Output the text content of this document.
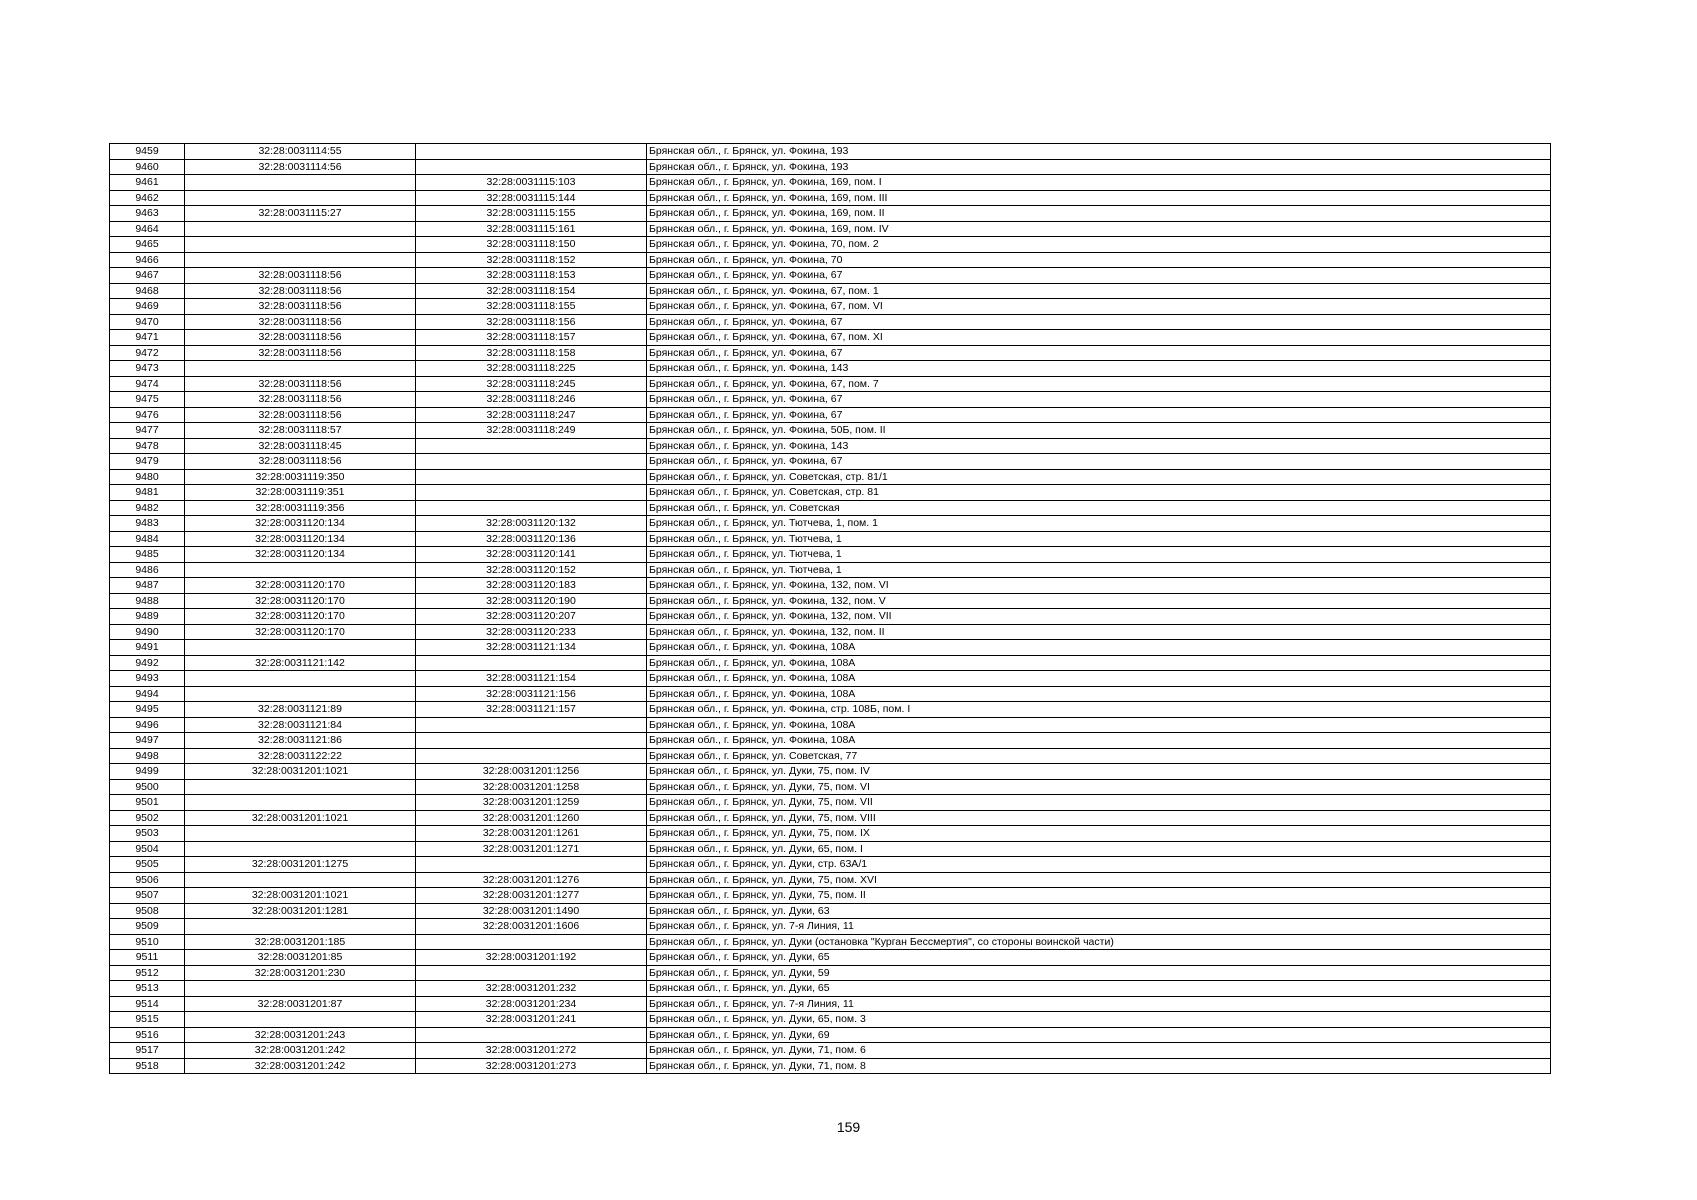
9459	32:28:0031114:55		Брянская обл., г. Брянск, ул. Фокина, 193
9460	32:28:0031114:56		Брянская обл., г. Брянск, ул. Фокина, 193
9461		32:28:0031115:103	Брянская обл., г. Брянск, ул. Фокина, 169, пом. I
9462		32:28:0031115:144	Брянская обл., г. Брянск, ул. Фокина, 169, пом. III
9463	32:28:0031115:27	32:28:0031115:155	Брянская обл., г. Брянск, ул. Фокина, 169, пом. II
9464		32:28:0031115:161	Брянская обл., г. Брянск, ул. Фокина, 169, пом. IV
9465		32:28:0031118:150	Брянская обл., г. Брянск, ул. Фокина, 70, пом. 2
9466		32:28:0031118:152	Брянская обл., г. Брянск, ул. Фокина, 70
9467	32:28:0031118:56	32:28:0031118:153	Брянская обл., г. Брянск, ул. Фокина, 67
9468	32:28:0031118:56	32:28:0031118:154	Брянская обл., г. Брянск, ул. Фокина, 67, пом. 1
9469	32:28:0031118:56	32:28:0031118:155	Брянская обл., г. Брянск, ул. Фокина, 67, пом. VI
9470	32:28:0031118:56	32:28:0031118:156	Брянская обл., г. Брянск, ул. Фокина, 67
9471	32:28:0031118:56	32:28:0031118:157	Брянская обл., г. Брянск, ул. Фокина, 67, пом. XI
9472	32:28:0031118:56	32:28:0031118:158	Брянская обл., г. Брянск, ул. Фокина, 67
9473		32:28:0031118:225	Брянская обл., г. Брянск, ул. Фокина, 143
9474	32:28:0031118:56	32:28:0031118:245	Брянская обл., г. Брянск, ул. Фокина, 67, пом. 7
9475	32:28:0031118:56	32:28:0031118:246	Брянская обл., г. Брянск, ул. Фокина, 67
9476	32:28:0031118:56	32:28:0031118:247	Брянская обл., г. Брянск, ул. Фокина, 67
9477	32:28:0031118:57	32:28:0031118:249	Брянская обл., г. Брянск, ул. Фокина, 50Б, пом. II
9478	32:28:0031118:45		Брянская обл., г. Брянск, ул. Фокина, 143
9479	32:28:0031118:56		Брянская обл., г. Брянск, ул. Фокина, 67
9480	32:28:0031119:350		Брянская обл., г. Брянск, ул. Советская, стр. 81/1
9481	32:28:0031119:351		Брянская обл., г. Брянск, ул. Советская, стр. 81
9482	32:28:0031119:356		Брянская обл., г. Брянск, ул. Советская
9483	32:28:0031120:134	32:28:0031120:132	Брянская обл., г. Брянск, ул. Тютчева, 1, пом. 1
9484	32:28:0031120:134	32:28:0031120:136	Брянская обл., г. Брянск, ул. Тютчева, 1
9485	32:28:0031120:134	32:28:0031120:141	Брянская обл., г. Брянск, ул. Тютчева, 1
9486		32:28:0031120:152	Брянская обл., г. Брянск, ул. Тютчева, 1
9487	32:28:0031120:170	32:28:0031120:183	Брянская обл., г. Брянск, ул. Фокина, 132, пом. VI
9488	32:28:0031120:170	32:28:0031120:190	Брянская обл., г. Брянск, ул. Фокина, 132, пом. V
9489	32:28:0031120:170	32:28:0031120:207	Брянская обл., г. Брянск, ул. Фокина, 132, пом. VII
9490	32:28:0031120:170	32:28:0031120:233	Брянская обл., г. Брянск, ул. Фокина, 132, пом. II
9491		32:28:0031121:134	Брянская обл., г. Брянск, ул. Фокина, 108А
9492	32:28:0031121:142		Брянская обл., г. Брянск, ул. Фокина, 108А
9493		32:28:0031121:154	Брянская обл., г. Брянск, ул. Фокина, 108А
9494		32:28:0031121:156	Брянская обл., г. Брянск, ул. Фокина, 108А
9495	32:28:0031121:89	32:28:0031121:157	Брянская обл., г. Брянск, ул. Фокина, стр. 108Б, пом. I
9496	32:28:0031121:84		Брянская обл., г. Брянск, ул. Фокина, 108А
9497	32:28:0031121:86		Брянская обл., г. Брянск, ул. Фокина, 108А
9498	32:28:0031122:22		Брянская обл., г. Брянск, ул. Советская, 77
9499	32:28:0031201:1021	32:28:0031201:1256	Брянская обл., г. Брянск, ул. Дуки, 75, пом. IV
9500		32:28:0031201:1258	Брянская обл., г. Брянск, ул. Дуки, 75, пом. VI
9501		32:28:0031201:1259	Брянская обл., г. Брянск, ул. Дуки, 75, пом. VII
9502	32:28:0031201:1021	32:28:0031201:1260	Брянская обл., г. Брянск, ул. Дуки, 75, пом. VIII
9503		32:28:0031201:1261	Брянская обл., г. Брянск, ул. Дуки, 75, пом. IX
9504		32:28:0031201:1271	Брянская обл., г. Брянск, ул. Дуки, 65, пом. I
9505	32:28:0031201:1275		Брянская обл., г. Брянск, ул. Дуки, стр. 63А/1
9506		32:28:0031201:1276	Брянская обл., г. Брянск, ул. Дуки, 75, пом. XVI
9507	32:28:0031201:1021	32:28:0031201:1277	Брянская обл., г. Брянск, ул. Дуки, 75, пом. II
9508	32:28:0031201:1281	32:28:0031201:1490	Брянская обл., г. Брянск, ул. Дуки, 63
9509		32:28:0031201:1606	Брянская обл., г. Брянск, ул. 7-я Линия, 11
9510	32:28:0031201:185		Брянская обл., г. Брянск, ул. Дуки (остановка "Курган Бессмертия", со стороны воинской части)
9511	32:28:0031201:85	32:28:0031201:192	Брянская обл., г. Брянск, ул. Дуки, 65
9512	32:28:0031201:230		Брянская обл., г. Брянск, ул. Дуки, 59
9513		32:28:0031201:232	Брянская обл., г. Брянск, ул. Дуки, 65
9514	32:28:0031201:87	32:28:0031201:234	Брянская обл., г. Брянск, ул. 7-я Линия, 11
9515		32:28:0031201:241	Брянская обл., г. Брянск, ул. Дуки, 65, пом. 3
9516	32:28:0031201:243		Брянская обл., г. Брянск, ул. Дуки, 69
9517	32:28:0031201:242	32:28:0031201:272	Брянская обл., г. Брянск, ул. Дуки, 71, пом. 6
9518	32:28:0031201:242	32:28:0031201:273	Брянская обл., г. Брянск, ул. Дуки, 71, пом. 8
159
